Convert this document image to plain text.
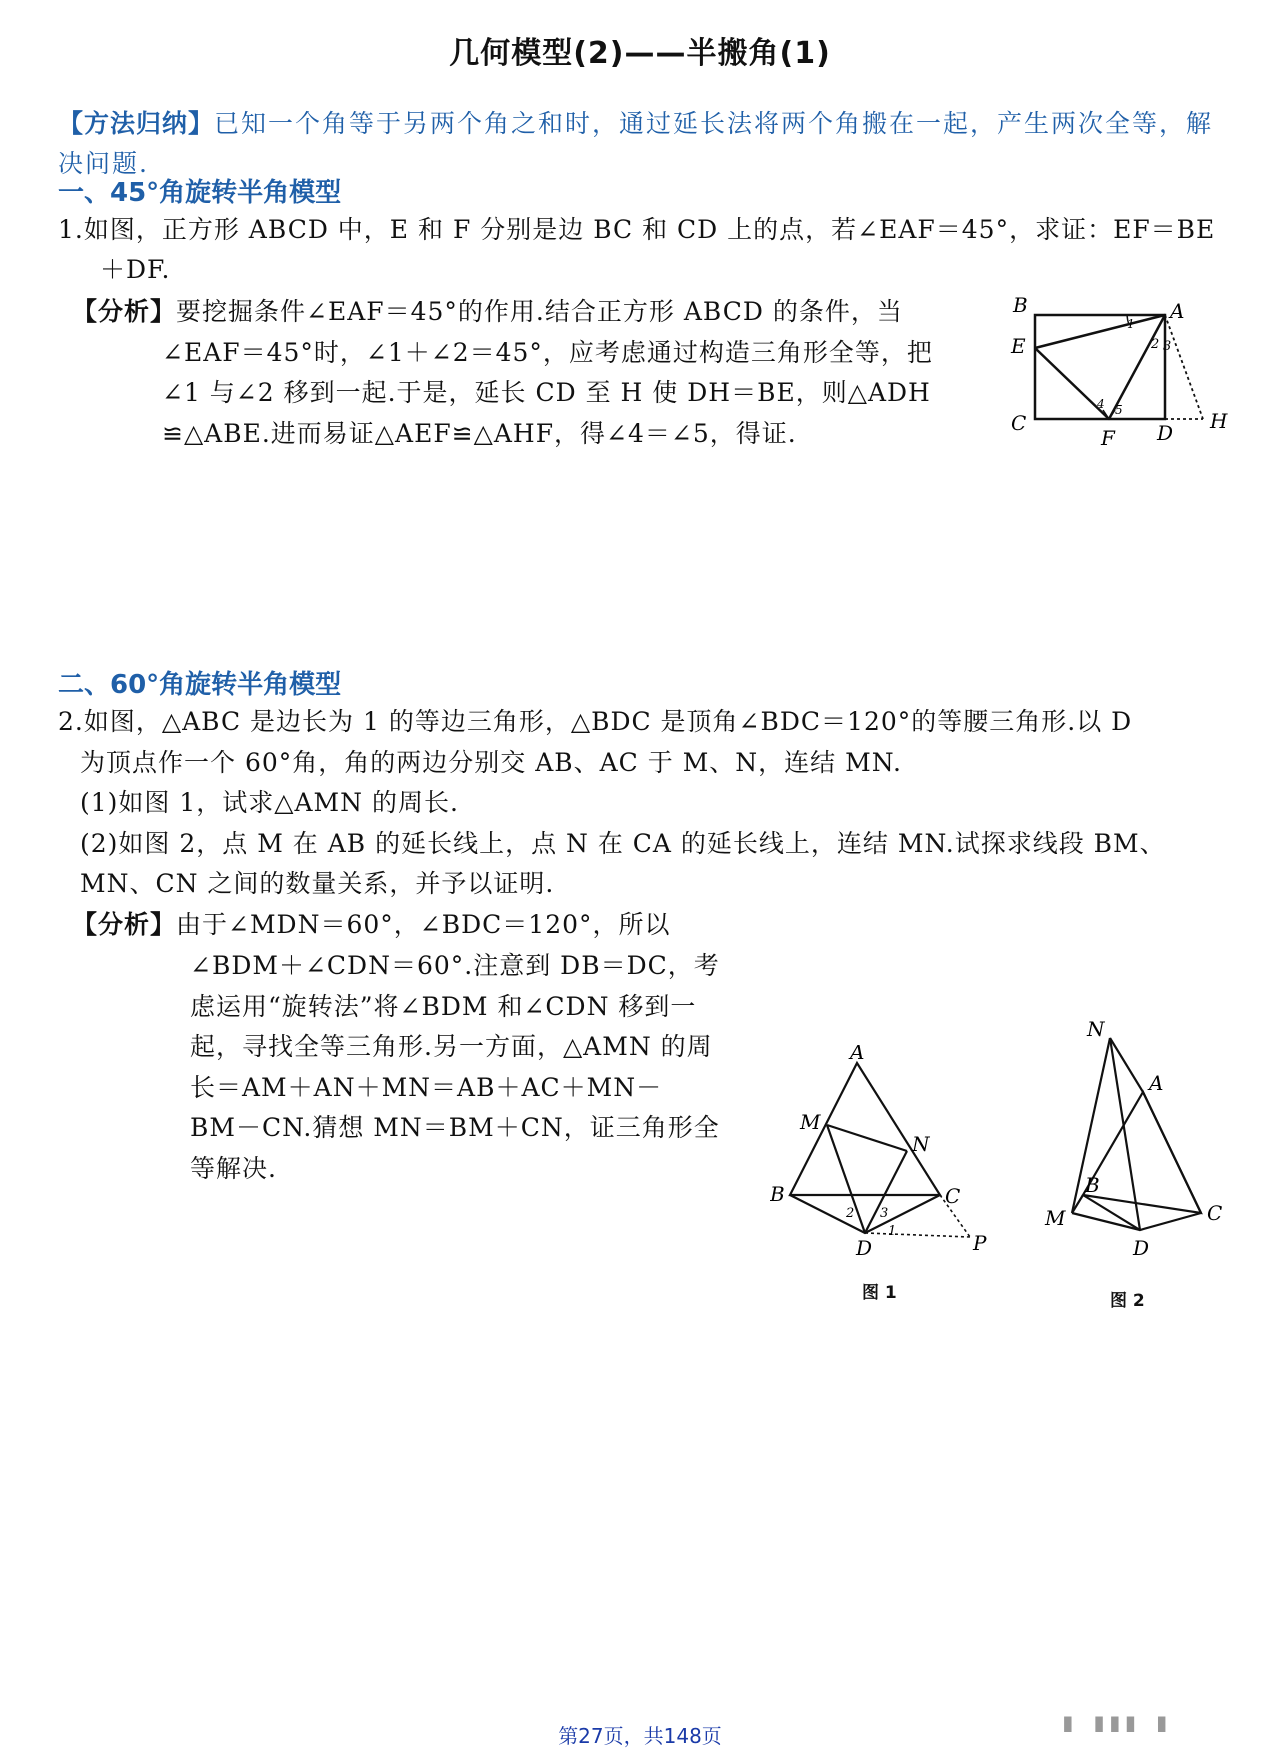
几何模型(2)——半搬角(1)
【方法归纳】已知一个角等于另两个角之和时，通过延长法将两个角搬在一起，产生两次全等，解决问题.
一、45°角旋转半角模型
1.如图，正方形 ABCD 中，E 和 F 分别是边 BC 和 CD 上的点，若∠EAF＝45°，求证：EF＝BE
＋DF.
【分析】要挖掘条件∠EAF＝45°的作用.结合正方形 ABCD 的条件，当
∠EAF＝45°时，∠1＋∠2＝45°，应考虑通过构造三角形全等，把
∠1 与∠2 移到一起.于是，延长 CD 至 H 使 DH＝BE，则△ADH
≌△ABE.进而易证△AEF≌△AHF，得∠4＝∠5，得证.
B	A
E
C
F D H
1
2 3
4 5
二、60°角旋转半角模型
2.如图，△ABC 是边长为 1 的等边三角形，△BDC 是顶角∠BDC＝120°的等腰三角形.以 D
为顶点作一个 60°角，角的两边分别交 AB、AC 于 M、N，连结 MN.
(1)如图 1，试求△AMN 的周长.
(2)如图 2，点 M 在 AB 的延长线上，点 N 在 CA 的延长线上，连结 MN.试探求线段 BM、
MN、CN 之间的数量关系，并予以证明.
【分析】由于∠MDN＝60°，∠BDC＝120°，所以
∠BDM＋∠CDN＝60°.注意到 DB＝DC，考
虑运用“旋转法”将∠BDM 和∠CDN 移到一
起，寻找全等三角形.另一方面，△AMN 的周
长＝AM＋AN＋MN＝AB＋AC＋MN－
BM－CN.猜想 MN＝BM＋CN，证三角形全
等解决.
A
M
N
B	C
D	P
2 3
1
图 1
N
A
B
M	C
D
图 2
第27页，共148页	▮ ▮▮▮ ▮
